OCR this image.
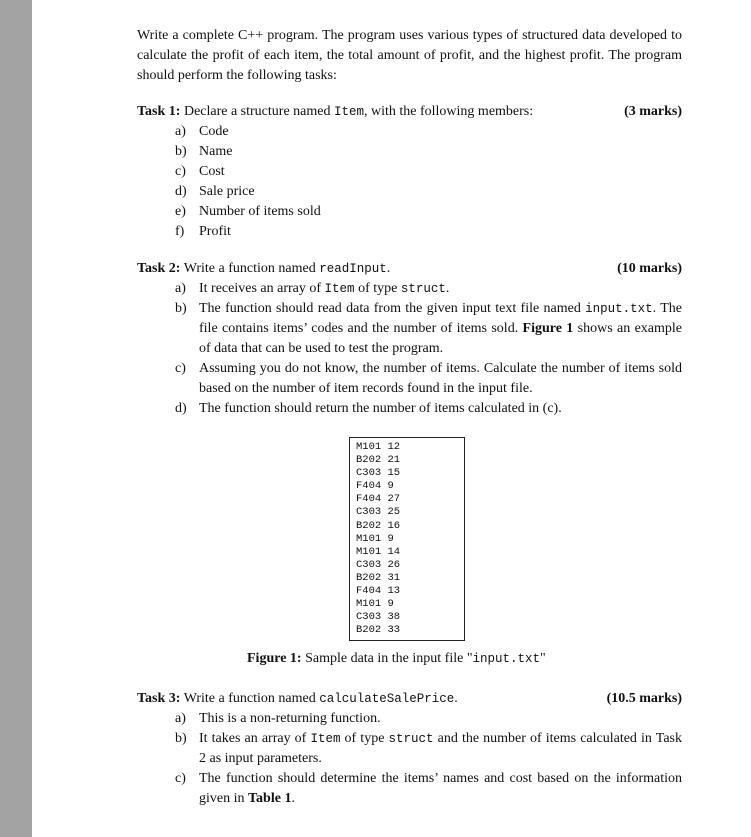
Write a complete C++ program. The program uses various types of structured data developed to calculate the profit of each item, the total amount of profit, and the highest profit. The program should perform the following tasks:
Task 1: Declare a structure named Item, with the following members:	(3 marks)
a) Code
b) Name
c) Cost
d) Sale price
e) Number of items sold
f)	Profit
Task 2: Write a function named readInput.	(10 marks)
a) It receives an array of Item of type struct.
b) The function should read data from the given input text file named input.txt. The file contains items’ codes and the number of items sold. Figure 1 shows an example of data that can be used to test the program.
c) Assuming you do not know, the number of items. Calculate the number of items sold based on the number of item records found in the input file.
d) The function should return the number of items calculated in (c).
M101 12
B202 21
C303 15
F404 9
F404 27
C303 25
B202 16
M101 9
M101 14
C303 26
B202 31
F404 13
M101 9
C303 38
B202 33
Figure 1: Sample data in the input file "input.txt"
Task 3: Write a function named calculateSalePrice.	(10.5 marks)
a) This is a non-returning function.
b) It takes an array of Item of type struct and the number of items calculated in Task 2 as input parameters.
c) The function should determine the items’ names and cost based on the information given in Table 1.
